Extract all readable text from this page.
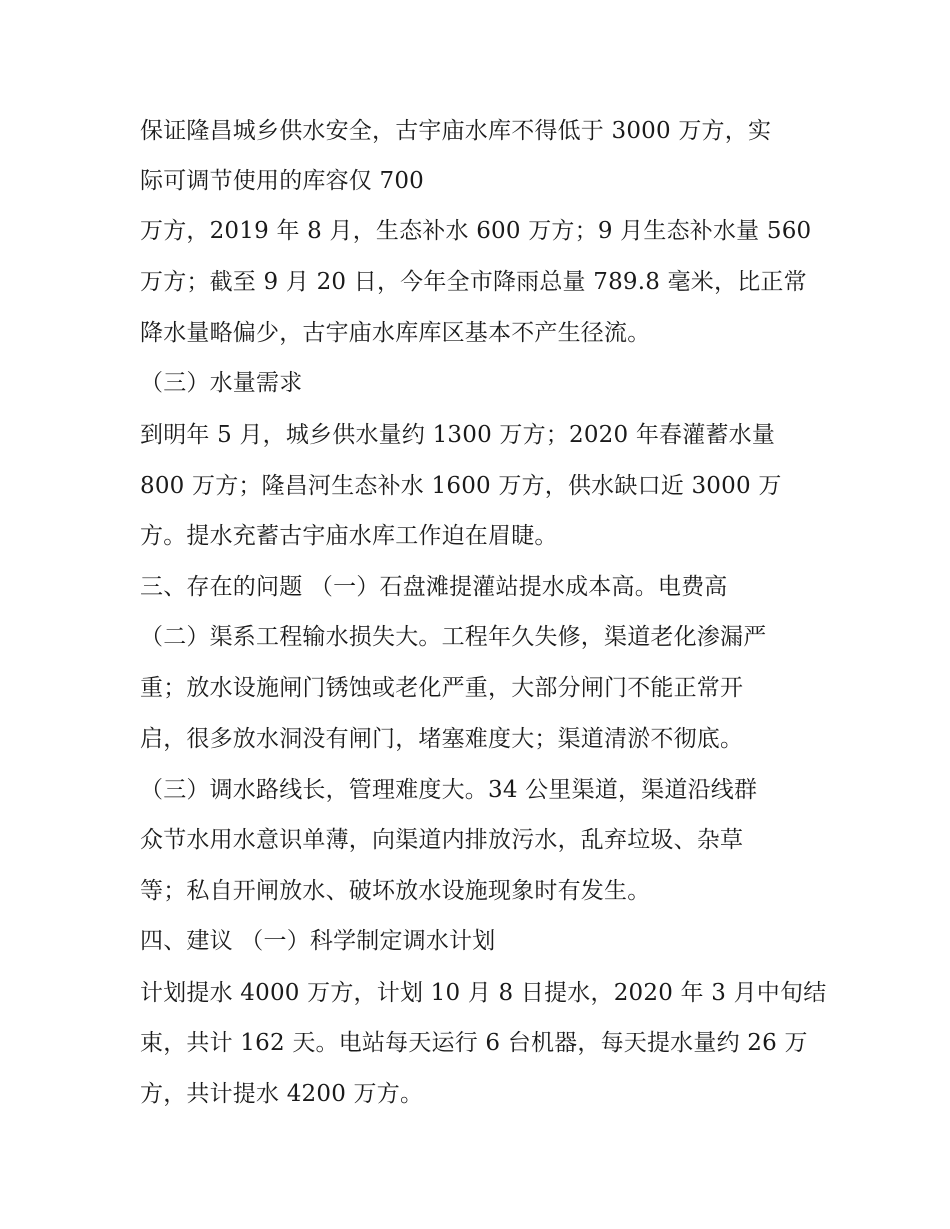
保证隆昌城乡供水安全，古宇庙水库不得低于 3000 万方，实
际可调节使用的库容仅 700
万方，2019 年 8 月，生态补水 600 万方；9 月生态补水量 560
万方；截至 9 月 20 日，今年全市降雨总量 789.8 毫米，比正常
降水量略偏少，古宇庙水库库区基本不产生径流。
（三）水量需求
到明年 5 月，城乡供水量约 1300 万方；2020 年春灌蓄水量
800 万方；隆昌河生态补水 1600 万方，供水缺口近 3000 万
方。提水充蓄古宇庙水库工作迫在眉睫。
三、存在的问题 （一）石盘滩提灌站提水成本高。电费高
（二）渠系工程输水损失大。工程年久失修，渠道老化渗漏严
重；放水设施闸门锈蚀或老化严重，大部分闸门不能正常开
启，很多放水洞没有闸门，堵塞难度大；渠道清淤不彻底。
（三）调水路线长，管理难度大。34 公里渠道，渠道沿线群
众节水用水意识单薄，向渠道内排放污水，乱弃垃圾、杂草
等；私自开闸放水、破坏放水设施现象时有发生。
四、建议 （一）科学制定调水计划
计划提水 4000 万方，计划 10 月 8 日提水，2020 年 3 月中旬结
束，共计 162 天。电站每天运行 6 台机器，每天提水量约 26 万
方，共计提水 4200 万方。
